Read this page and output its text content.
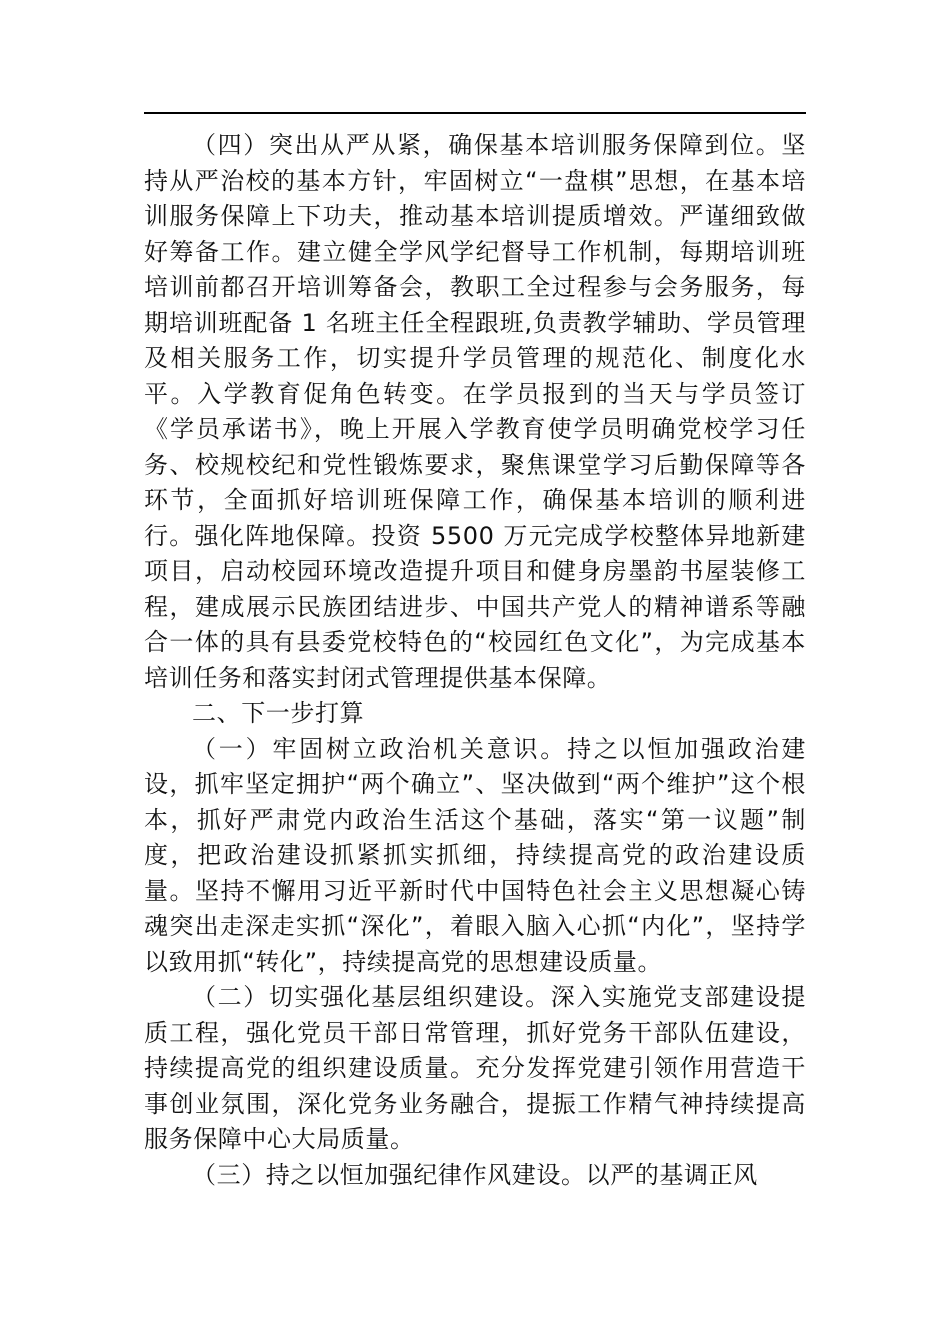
（四）突出从严从紧，确保基本培训服务保障到位。坚持从严治校的基本方针，牢固树立“一盘棋”思想，在基本培训服务保障上下功夫，推动基本培训提质增效。严谨细致做好筹备工作。建立健全学风学纪督导工作机制，每期培训班培训前都召开培训筹备会，教职工全过程参与会务服务，每期培训班配备 1 名班主任全程跟班,负责教学辅助、学员管理及相关服务工作，切实提升学员管理的规范化、制度化水平。入学教育促角色转变。在学员报到的当天与学员签订《学员承诺书》，晚上开展入学教育使学员明确党校学习任务、校规校纪和党性锻炼要求，聚焦课堂学习后勤保障等各环节，全面抓好培训班保障工作，确保基本培训的顺利进行。强化阵地保障。投资 5500 万元完成学校整体异地新建项目，启动校园环境改造提升项目和健身房墨韵书屋装修工程，建成展示民族团结进步、中国共产党人的精神谱系等融合一体的具有县委党校特色的“校园红色文化”，为完成基本培训任务和落实封闭式管理提供基本保障。

二、下一步打算

（一）牢固树立政治机关意识。持之以恒加强政治建设，抓牢坚定拥护“两个确立”、坚决做到“两个维护”这个根本，抓好严肃党内政治生活这个基础，落实“第一议题”制度，把政治建设抓紧抓实抓细，持续提高党的政治建设质量。坚持不懈用习近平新时代中国特色社会主义思想凝心铸魂突出走深走实抓“深化”，着眼入脑入心抓“内化”，坚持学以致用抓“转化”，持续提高党的思想建设质量。

（二）切实强化基层组织建设。深入实施党支部建设提质工程，强化党员干部日常管理，抓好党务干部队伍建设，持续提高党的组织建设质量。充分发挥党建引领作用营造干事创业氛围，深化党务业务融合，提振工作精气神持续提高服务保障中心大局质量。

（三）持之以恒加强纪律作风建设。以严的基调正风
